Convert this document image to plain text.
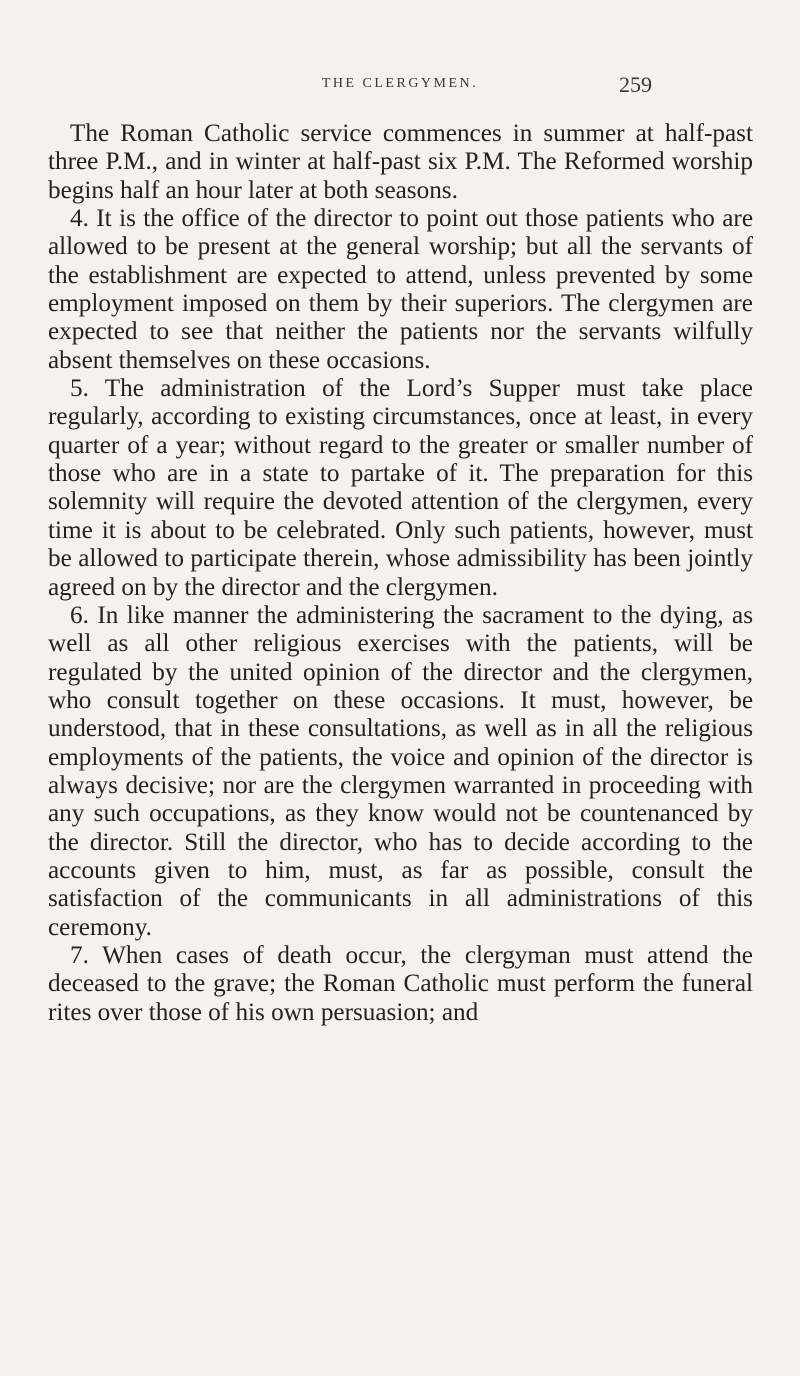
THE CLERGYMEN.	259

The Roman Catholic service commences in summer at half-past three P.M., and in winter at half-past six P.M. The Reformed worship begins half an hour later at both seasons.

4. It is the office of the director to point out those patients who are allowed to be present at the general worship; but all the servants of the establishment are expected to attend, unless prevented by some employment imposed on them by their superiors. The clergymen are expected to see that neither the patients nor the servants wilfully absent themselves on these occasions.

5. The administration of the Lord’s Supper must take place regularly, according to existing circumstances, once at least, in every quarter of a year; without regard to the greater or smaller number of those who are in a state to partake of it. The preparation for this solemnity will require the devoted attention of the clergymen, every time it is about to be celebrated. Only such patients, however, must be allowed to participate therein, whose admissibility has been jointly agreed on by the director and the clergymen.

6. In like manner the administering the sacrament to the dying, as well as all other religious exercises with the patients, will be regulated by the united opinion of the director and the clergymen, who consult together on these occasions. It must, however, be understood, that in these consultations, as well as in all the religious employments of the patients, the voice and opinion of the director is always decisive; nor are the clergymen warranted in proceeding with any such occupations, as they know would not be countenanced by the director. Still the director, who has to decide according to the accounts given to him, must, as far as possible, consult the satisfaction of the communicants in all administrations of this ceremony.

7. When cases of death occur, the clergyman must attend the deceased to the grave; the Roman Catholic must perform the funeral rites over those of his own persuasion; and
